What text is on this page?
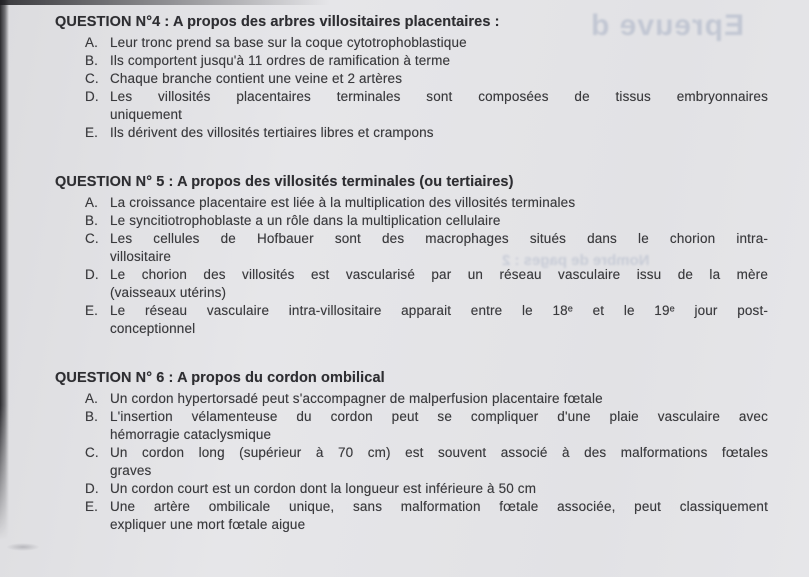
Epreuve d
Nombre de pages : 2
QUESTION N°4 : A propos des arbres villositaires placentaires :
A. Leur tronc prend sa base sur la coque cytotrophoblastique
B. Ils comportent jusqu'à 11 ordres de ramification à terme
C. Chaque branche contient une veine et 2 artères
D. Les villosités placentaires terminales sont composées de tissus embryonnaires
uniquement
E. Ils dérivent des villosités tertiaires libres et crampons
QUESTION N° 5 : A propos des villosités terminales (ou tertiaires)
A. La croissance placentaire est liée à la multiplication des villosités terminales
B. Le syncitiotrophoblaste a un rôle dans la multiplication cellulaire
C. Les cellules de Hofbauer sont des macrophages situés dans le chorion intra-
villositaire
D. Le chorion des villosités est vascularisé par un réseau vasculaire issu de la mère
(vaisseaux utérins)
E. Le réseau vasculaire intra-villositaire apparait entre le 18ᵉ et le 19ᵉ jour post-
conceptionnel
QUESTION N° 6 : A propos du cordon ombilical
A. Un cordon hypertorsadé peut s'accompagner de malperfusion placentaire fœtale
B. L'insertion vélamenteuse du cordon peut se compliquer d'une plaie vasculaire avec
hémorragie cataclysmique
C. Un cordon long (supérieur à 70 cm) est souvent associé à des malformations fœtales
graves
D. Un cordon court est un cordon dont la longueur est inférieure à 50 cm
E. Une artère ombilicale unique, sans malformation fœtale associée, peut classiquement
expliquer une mort fœtale aigue
